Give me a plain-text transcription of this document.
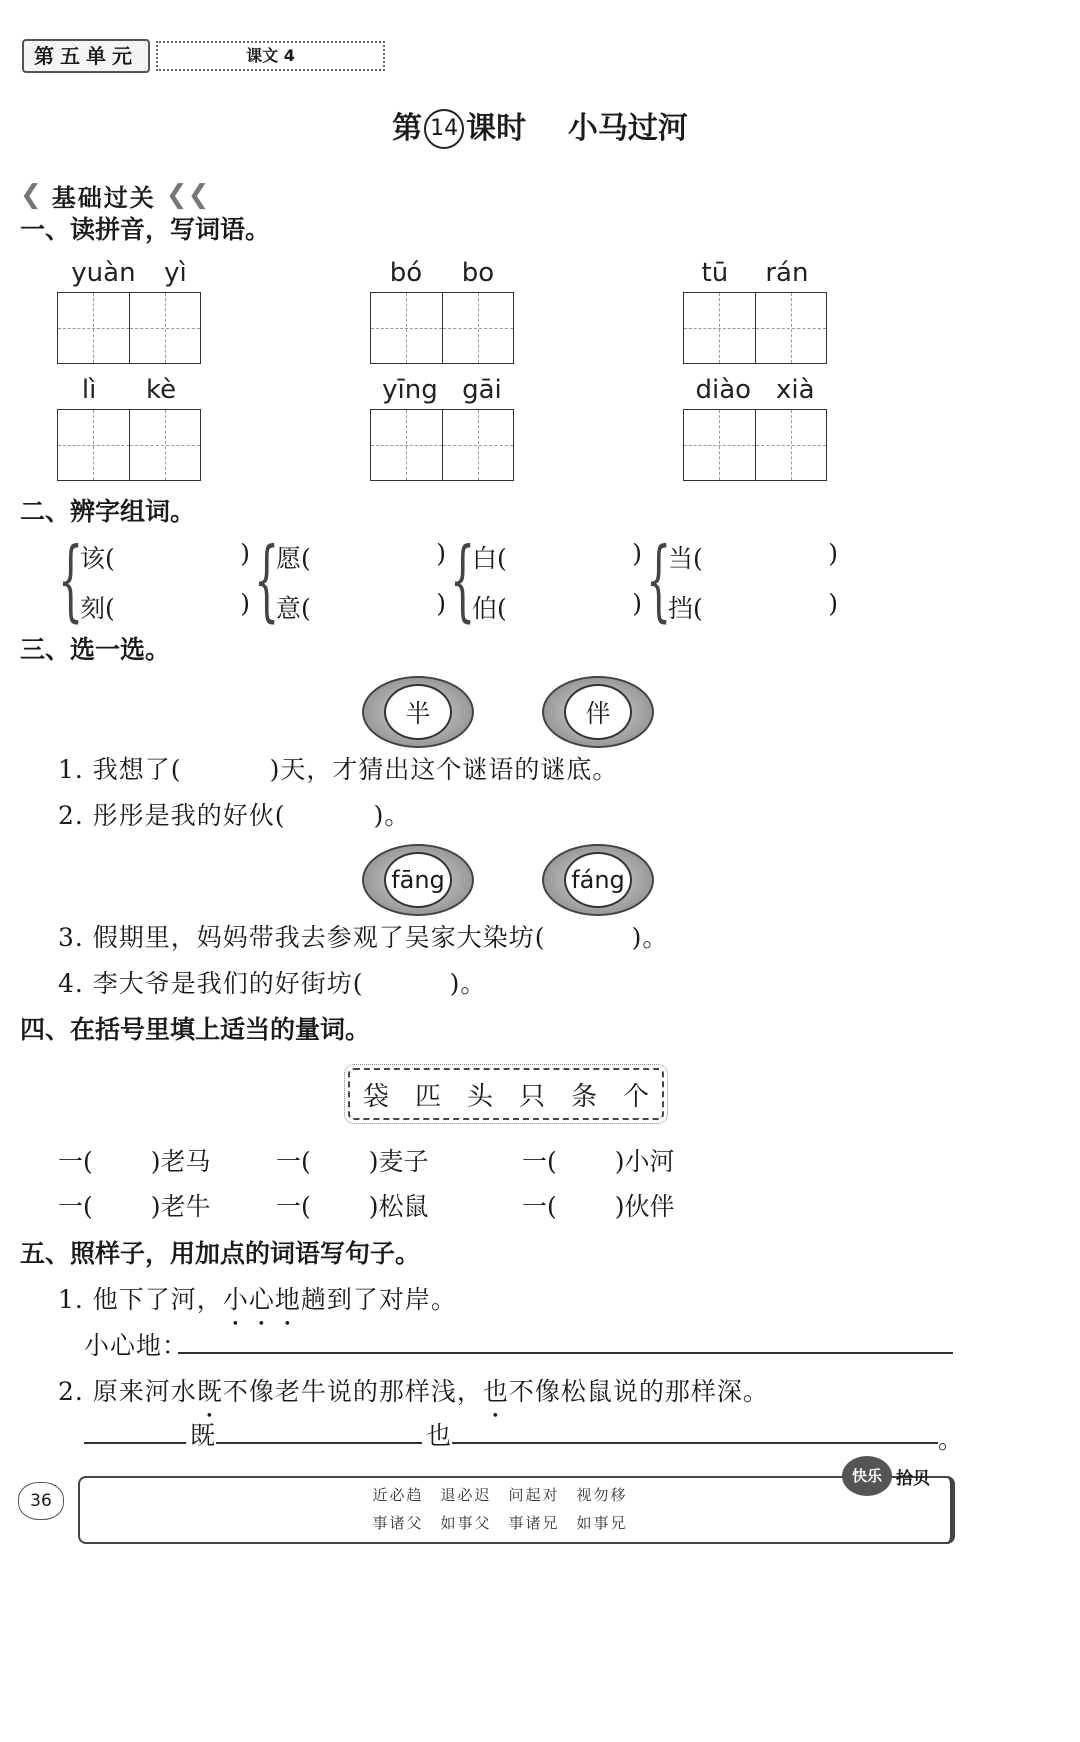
第五单元	课文 4
第 14 课时 小马过河
❮ 基础过关 ❮❮
一、读拼音，写词语。
yuàn yì	bó bo	tū rán
lì kè	yīng gāi	diào xià
二、辨字组词。
{
该(	)
刻(	) {
愿(	)
意(	) {
白(	)
伯(	) {
当(	)
挡(	)
三、选一选。
半	伴
1. 我想了(	)天，才猜出这个谜语的谜底。
2. 彤彤是我的好伙(	)。
fāng	fáng
3. 假期里，妈妈带我去参观了吴家大染坊(	)。
4. 李大爷是我们的好街坊(	)。
四、在括号里填上适当的量词。
袋 匹 头 只 条 个
一( )老马	一( )麦子	一( )小河
一( )老牛	一( )松鼠	一( )伙伴
五、照样子，用加点的词语写句子。
1. 他下了河，小心地趟到了对岸。
小心地：
2. 原来河水既不像老牛说的那样浅，也不像松鼠说的那样深。
既	也	。
36	近必趋　退必迟　问起对　视勿移
事诸父　如事父　事诸兄　如事兄
快乐 拾贝
